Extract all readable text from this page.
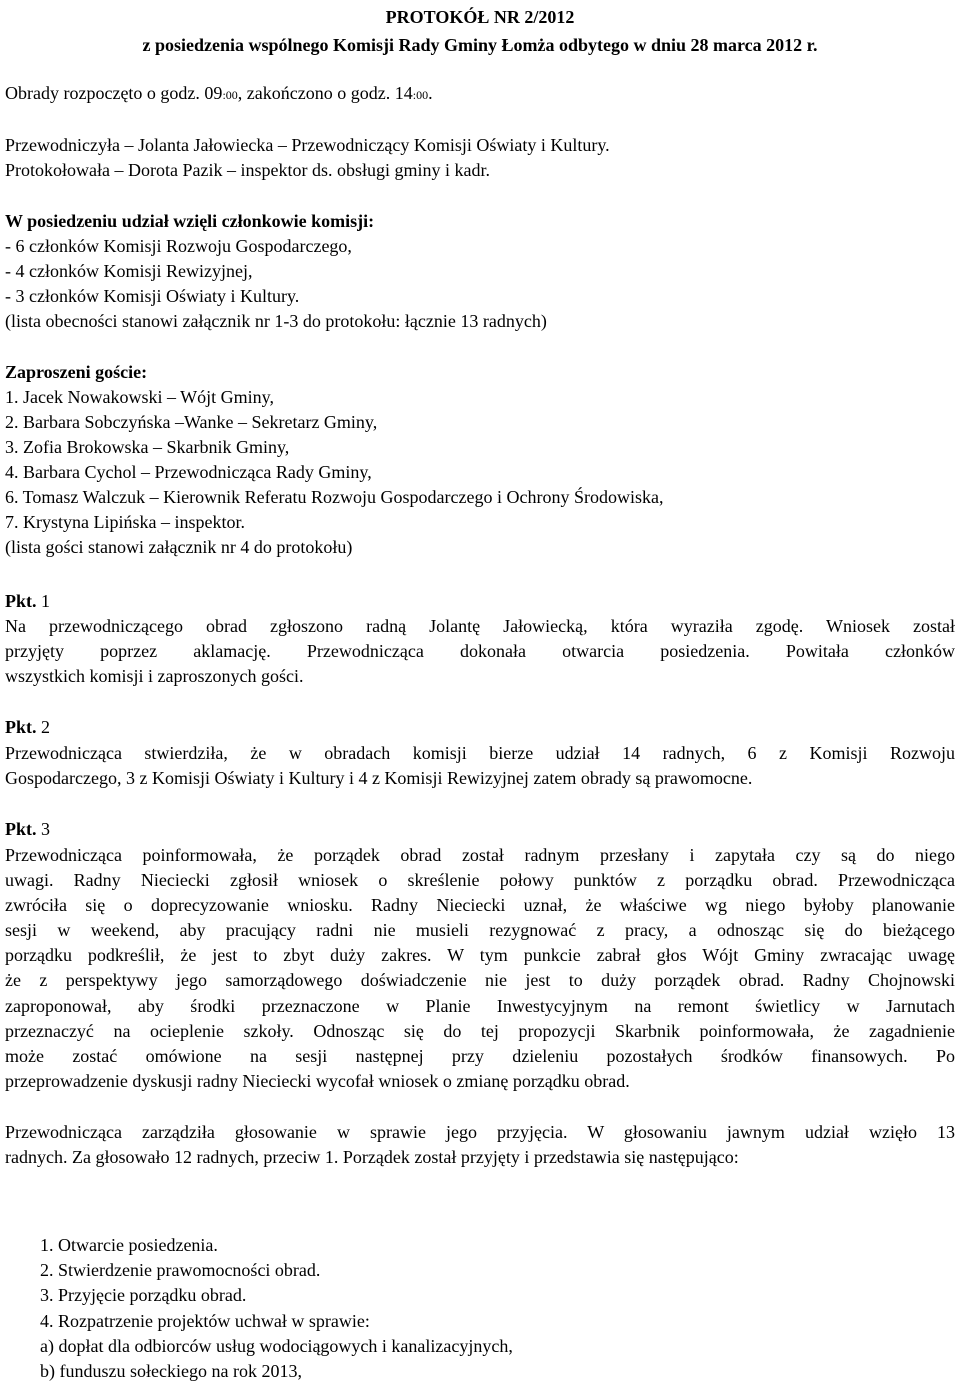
PROTOKÓŁ NR 2/2012
z posiedzenia wspólnego Komisji Rady Gminy Łomża odbytego w dniu 28 marca 2012 r.
Obrady rozpoczęto o godz. 09:00, zakończono o godz. 14:00.
Przewodniczyła – Jolanta Jałowiecka – Przewodniczący Komisji Oświaty i Kultury.
Protokołowała – Dorota Pazik – inspektor ds. obsługi gminy i kadr.
W posiedzeniu udział wzięli członkowie komisji:
- 6 członków Komisji Rozwoju Gospodarczego,
- 4 członków Komisji Rewizyjnej,
- 3 członków Komisji Oświaty i Kultury.
(lista obecności stanowi załącznik nr 1-3 do protokołu: łącznie 13 radnych)
Zaproszeni goście:
1. Jacek Nowakowski – Wójt Gminy,
2. Barbara Sobczyńska –Wanke – Sekretarz Gminy,
3. Zofia Brokowska – Skarbnik Gminy,
4. Barbara Cychol – Przewodnicząca Rady Gminy,
6. Tomasz Walczuk – Kierownik Referatu Rozwoju Gospodarczego i Ochrony Środowiska,
7. Krystyna Lipińska – inspektor.
(lista gości stanowi załącznik nr 4 do protokołu)
Pkt. 1
Na przewodniczącego obrad zgłoszono radną Jolantę Jałowiecką, która wyraziła zgodę. Wniosek został
przyjęty poprzez aklamację. Przewodnicząca dokonała otwarcia posiedzenia. Powitała członków
wszystkich komisji i zaproszonych gości.
Pkt. 2
Przewodnicząca stwierdziła, że w obradach komisji bierze udział 14 radnych, 6 z Komisji Rozwoju
Gospodarczego, 3 z Komisji Oświaty i Kultury i 4 z Komisji Rewizyjnej zatem obrady są prawomocne.
Pkt. 3
Przewodnicząca poinformowała, że porządek obrad został radnym przesłany i zapytała czy są do niego
uwagi. Radny Nieciecki zgłosił wniosek o skreślenie połowy punktów z porządku obrad. Przewodnicząca
zwróciła się o doprecyzowanie wniosku. Radny Nieciecki uznał, że właściwe wg niego byłoby planowanie
sesji w weekend, aby pracujący radni nie musieli rezygnować z pracy, a odnosząc się do bieżącego
porządku podkreślił, że jest to zbyt duży zakres. W tym punkcie zabrał głos Wójt Gminy zwracając uwagę
że z perspektywy jego samorządowego doświadczenie nie jest to duży porządek obrad. Radny Chojnowski
zaproponował, aby środki przeznaczone w Planie Inwestycyjnym na remont świetlicy w Jarnutach
przeznaczyć na ocieplenie szkoły. Odnosząc się do tej propozycji Skarbnik poinformowała, że zagadnienie
może zostać omówione na sesji następnej przy dzieleniu pozostałych środków finansowych. Po
przeprowadzenie dyskusji radny Niecieckі wycofał wniosek o zmianę porządku obrad.
Przewodnicząca zarządziła głosowanie w sprawie jego przyjęcia. W głosowaniu jawnym udział wzięło 13
radnych. Za głosowało 12 radnych, przeciw 1. Porządek został przyjęty i przedstawia się następująco:
1. Otwarcie posiedzenia.
2. Stwierdzenie prawomocności obrad.
3. Przyjęcie porządku obrad.
4. Rozpatrzenie projektów uchwał w sprawie:
a) dopłat dla odbiorców usług wodociągowych i kanalizacyjnych,
b) funduszu sołeckiego na rok 2013,
